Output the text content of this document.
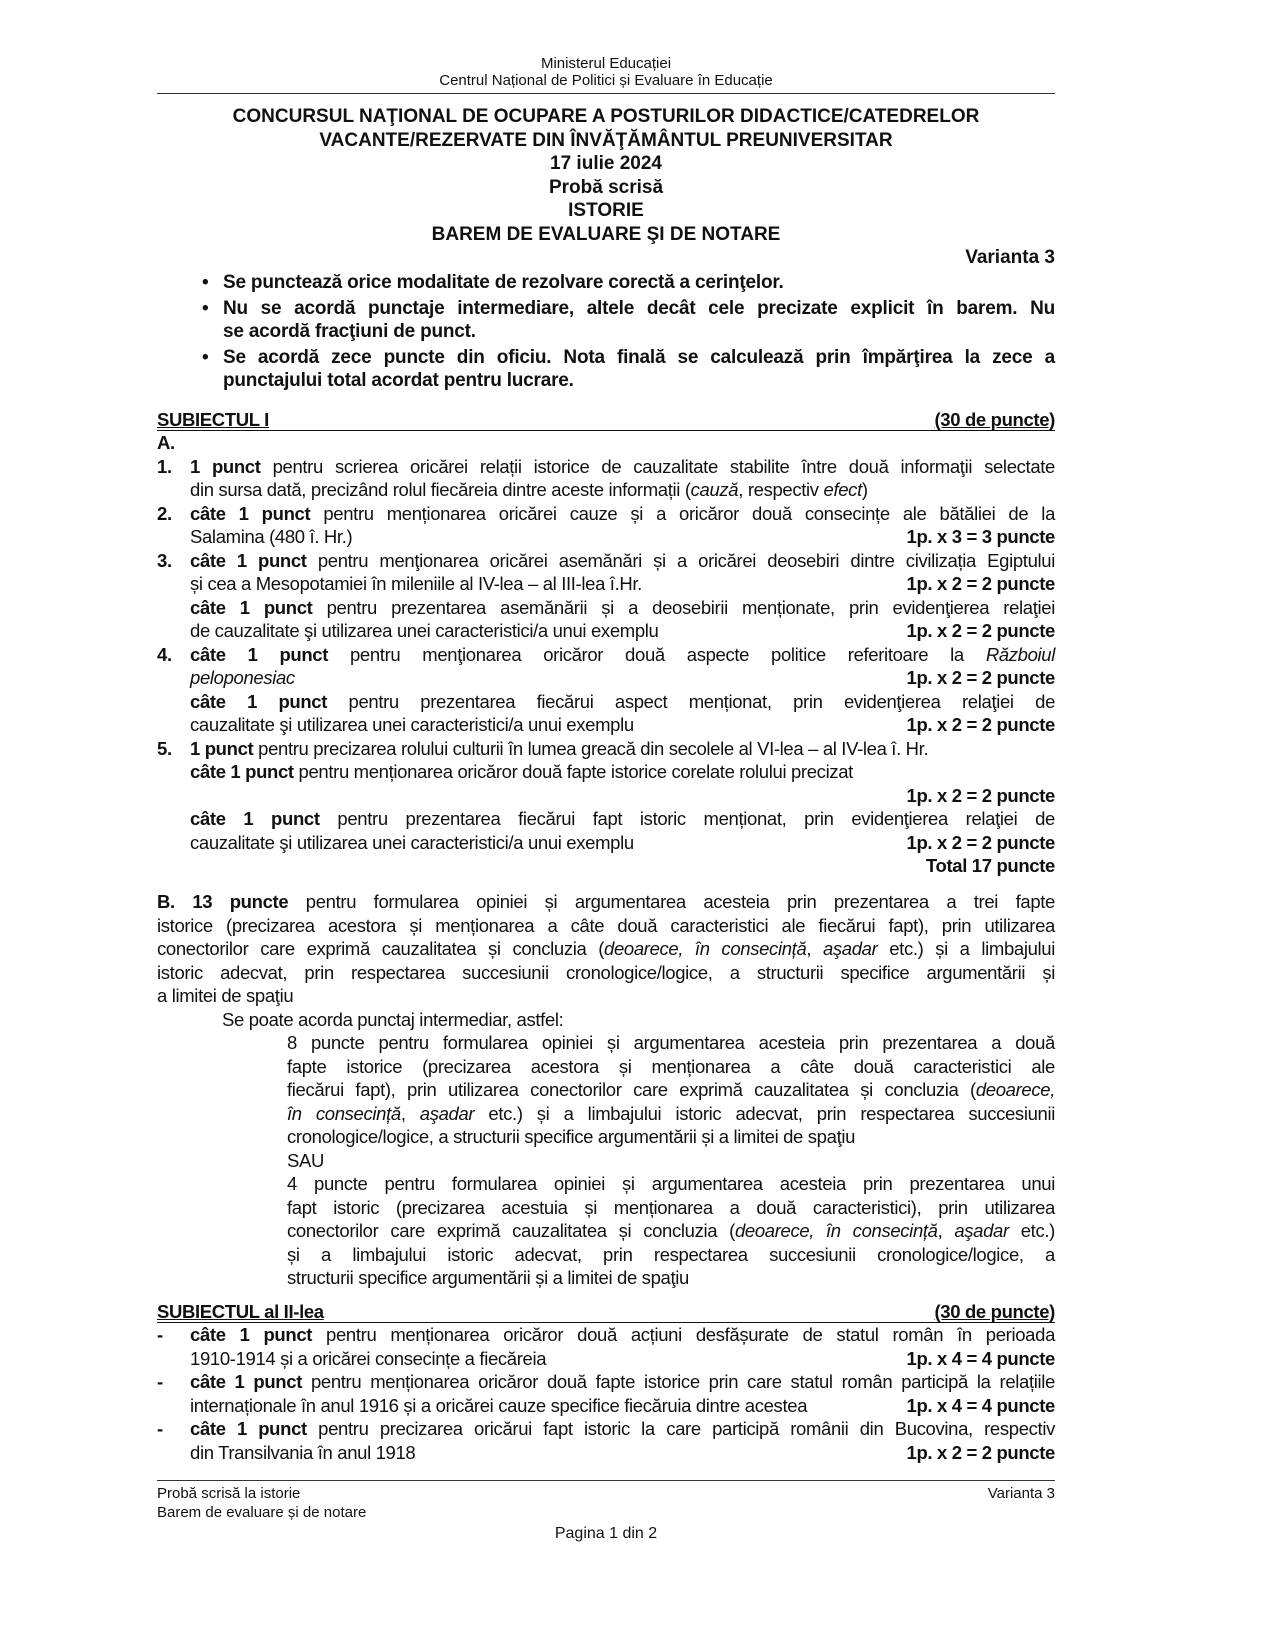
Ministerul Educației
Centrul Național de Politici și Evaluare în Educație
CONCURSUL NAŢIONAL DE OCUPARE A POSTURILOR DIDACTICE/CATEDRELOR
VACANTE/REZERVATE DIN ÎNVĂŢĂMÂNTUL PREUNIVERSITAR
17 iulie 2024
Probă scrisă
ISTORIE
BAREM DE EVALUARE ŞI DE NOTARE
Varianta 3
• Se punctează orice modalitate de rezolvare corectă a cerinţelor.
• Nu se acordă punctaje intermediare, altele decât cele precizate explicit în barem. Nu
se acordă fracţiuni de punct.
• Se acordă zece puncte din oficiu. Nota finală se calculează prin împărţirea la zece a
punctajului total acordat pentru lucrare.
SUBIECTUL I	(30 de puncte)
A.
1. 1 punct pentru scrierea oricărei relații istorice de cauzalitate stabilite între două informaţii selectate
din sursa dată, precizând rolul fiecăreia dintre aceste informații (cauză, respectiv efect)
2. câte 1 punct pentru menționarea oricărei cauze și a oricăror două consecințe ale bătăliei de la
Salamina (480 î. Hr.)	1p. x 3 = 3 puncte
3. câte 1 punct pentru menţionarea oricărei asemănări și a oricărei deosebiri dintre civilizația Egiptului
și cea a Mesopotamiei în mileniile al IV-lea – al III-lea î.Hr.	1p. x 2 = 2 puncte
câte 1 punct pentru prezentarea asemănării și a deosebirii menționate, prin evidenţierea relaţiei
de cauzalitate şi utilizarea unei caracteristici/a unui exemplu	1p. x 2 = 2 puncte
4. câte 1 punct pentru menţionarea oricăror două aspecte politice referitoare la Războiul
peloponesiac	1p. x 2 = 2 puncte
câte 1 punct pentru prezentarea fiecărui aspect menționat, prin evidenţierea relaţiei de
cauzalitate şi utilizarea unei caracteristici/a unui exemplu	1p. x 2 = 2 puncte
5. 1 punct pentru precizarea rolului culturii în lumea greacă din secolele al VI-lea – al IV-lea î. Hr.
câte 1 punct pentru menționarea oricăror două fapte istorice corelate rolului precizat
1p. x 2 = 2 puncte
câte 1 punct pentru prezentarea fiecărui fapt istoric menționat, prin evidenţierea relaţiei de
cauzalitate şi utilizarea unei caracteristici/a unui exemplu	1p. x 2 = 2 puncte
Total 17 puncte
B. 13 puncte pentru formularea opiniei și argumentarea acesteia prin prezentarea a trei fapte
istorice (precizarea acestora și menționarea a câte două caracteristici ale fiecărui fapt), prin utilizarea
conectorilor care exprimă cauzalitatea și concluzia (deoarece, în consecință, aşadar etc.) și a limbajului
istoric adecvat, prin respectarea succesiunii cronologice/logice, a structurii specifice argumentării și
a limitei de spaţiu
Se poate acorda punctaj intermediar, astfel:
8 puncte pentru formularea opiniei și argumentarea acesteia prin prezentarea a două
fapte istorice (precizarea acestora și menționarea a câte două caracteristici ale
fiecărui fapt), prin utilizarea conectorilor care exprimă cauzalitatea și concluzia (deoarece,
în consecință, aşadar etc.) și a limbajului istoric adecvat, prin respectarea succesiunii
cronologice/logice, a structurii specifice argumentării și a limitei de spaţiu
SAU
4 puncte pentru formularea opiniei și argumentarea acesteia prin prezentarea unui
fapt istoric (precizarea acestuia și menționarea a două caracteristici), prin utilizarea
conectorilor care exprimă cauzalitatea și concluzia (deoarece, în consecință, aşadar etc.)
și a limbajului istoric adecvat, prin respectarea succesiunii cronologice/logice, a
structurii specifice argumentării și a limitei de spaţiu
SUBIECTUL al II-lea	(30 de puncte)
- câte 1 punct pentru menționarea oricăror două acțiuni desfășurate de statul român în perioada
1910-1914 și a oricărei consecințe a fiecăreia	1p. x 4 = 4 puncte
- câte 1 punct pentru menționarea oricăror două fapte istorice prin care statul român participă la relațiile
internaționale în anul 1916 și a oricărei cauze specifice fiecăruia dintre acestea	1p. x 4 = 4 puncte
- câte 1 punct pentru precizarea oricărui fapt istoric la care participă românii din Bucovina, respectiv
din Transilvania în anul 1918	1p. x 2 = 2 puncte
Probă scrisă la istorie	Varianta 3
Barem de evaluare și de notare
Pagina 1 din 2
